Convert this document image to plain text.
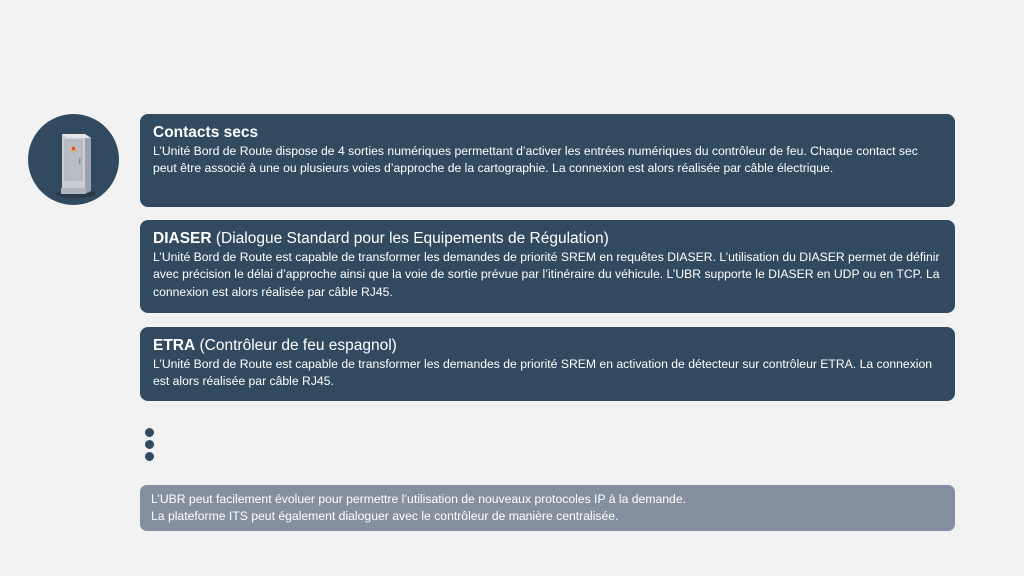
Contacts secs

L’Unité Bord de Route dispose de 4 sorties numériques permettant d’activer les entrées numériques du contrôleur de feu. Chaque contact sec peut être associé à une ou plusieurs voies d’approche de la cartographie. La connexion est alors réalisée par câble électrique.

DIASER (Dialogue Standard pour les Equipements de Régulation)

L’Unité Bord de Route est capable de transformer les demandes de priorité SREM en requêtes DIASER. L’utilisation du DIASER permet de définir avec précision le délai d’approche ainsi que la voie de sortie prévue par l’itinéraire du véhicule. L’UBR supporte le DIASER en UDP ou en TCP. La connexion est alors réalisée par câble RJ45.

ETRA (Contrôleur de feu espagnol)

L’Unité Bord de Route est capable de transformer les demandes de priorité SREM en activation de détecteur sur contrôleur ETRA. La connexion est alors réalisée par câble RJ45.

L’UBR peut facilement évoluer pour permettre l’utilisation de nouveaux protocoles IP à la demande.

La plateforme ITS peut également dialoguer avec le contrôleur de manière centralisée.
